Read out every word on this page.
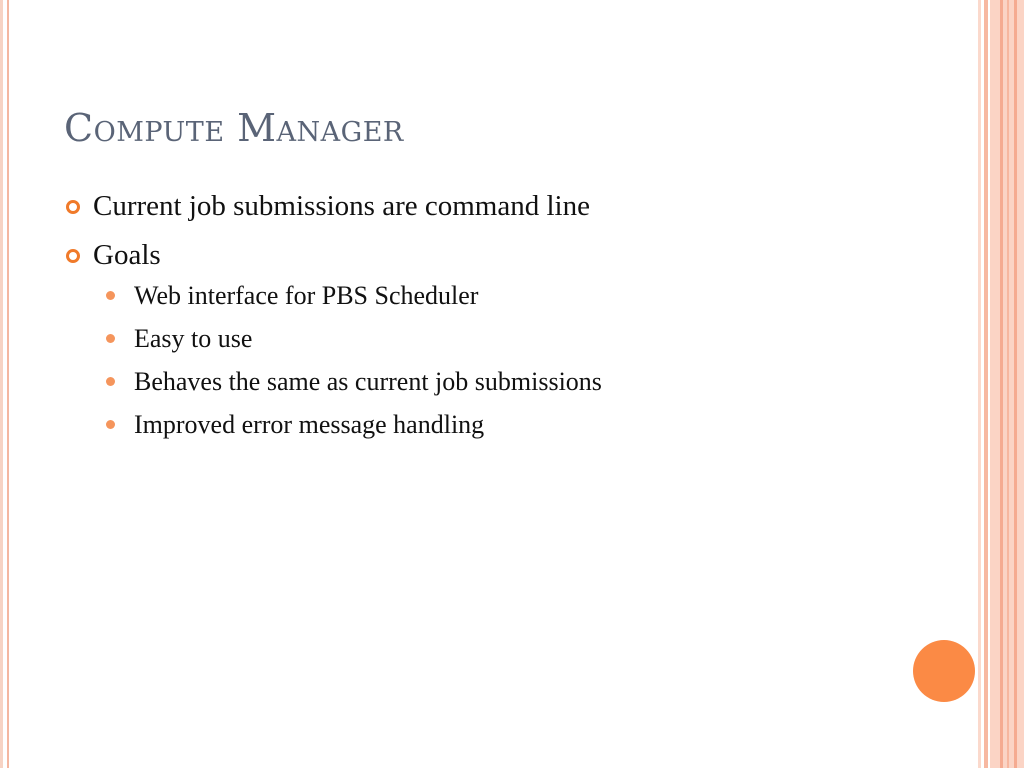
Compute Manager
Current job submissions are command line
Goals
Web interface for PBS Scheduler
Easy to use
Behaves the same as current job submissions
Improved error message handling
